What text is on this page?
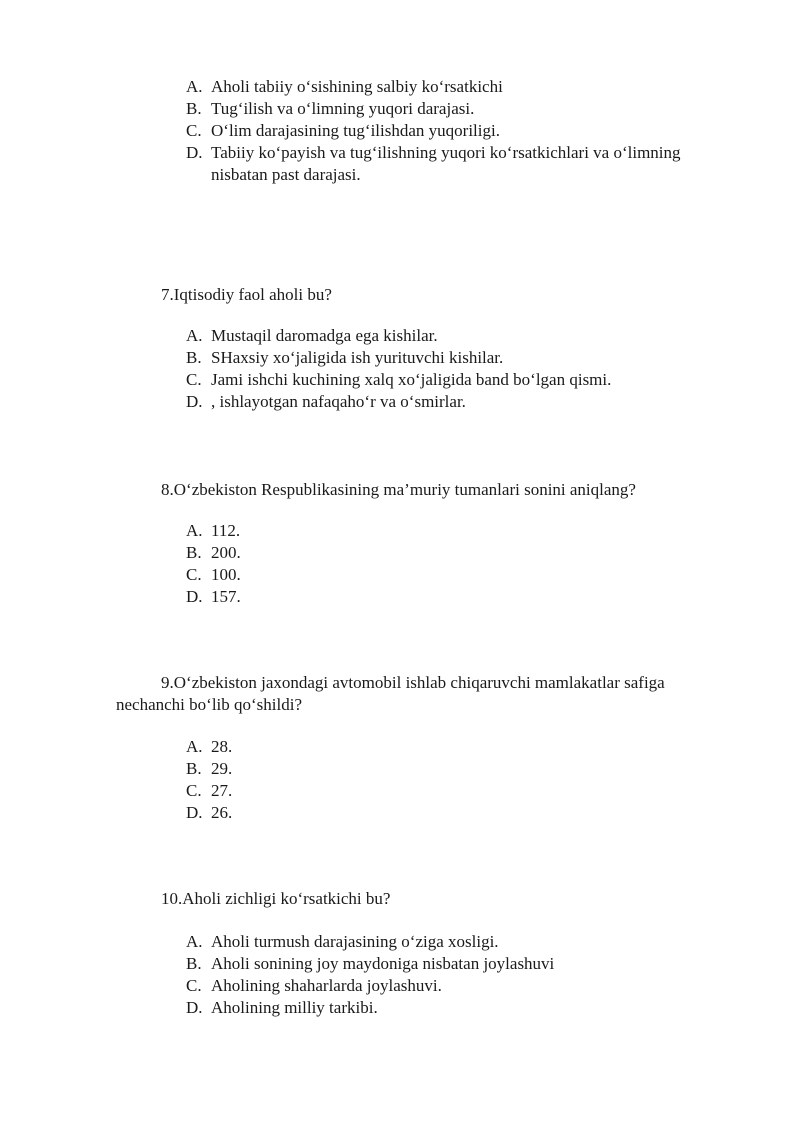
A. Aholi tabiiy o‘sishining salbiy ko‘rsatkichi
B. Tug‘ilish va o‘limning yuqori darajasi.
C. O‘lim darajasining tug‘ilishdan yuqoriligi.
D. Tabiiy ko‘payish va tug‘ilishning yuqori ko‘rsatkichlari va o‘limning
nisbatan past darajasi.
7.Iqtisodiy faol aholi bu?
A. Mustaqil daromadga ega kishilar.
B. SHaxsiy xo‘jaligida ish yurituvchi kishilar.
C. Jami ishchi kuchining xalq xo‘jaligida band bo‘lgan qismi.
D. , ishlayotgan nafaqaho‘r va o‘smirlar.
8.O‘zbekiston Respublikasining ma’muriy tumanlari sonini aniqlang?
A. 112.
B. 200.
C. 100.
D. 157.
9.O‘zbekiston jaxondagi avtomobil ishlab chiqaruvchi mamlakatlar safiga
nechanchi bo‘lib qo‘shildi?
A. 28.
B. 29.
C. 27.
D. 26.
10.Aholi zichligi ko‘rsatkichi bu?
A. Aholi turmush darajasining o‘ziga xosligi.
B. Aholi sonining joy maydoniga nisbatan joylashuvi
C. Aholining shaharlarda joylashuvi.
D. Aholining milliy tarkibi.
